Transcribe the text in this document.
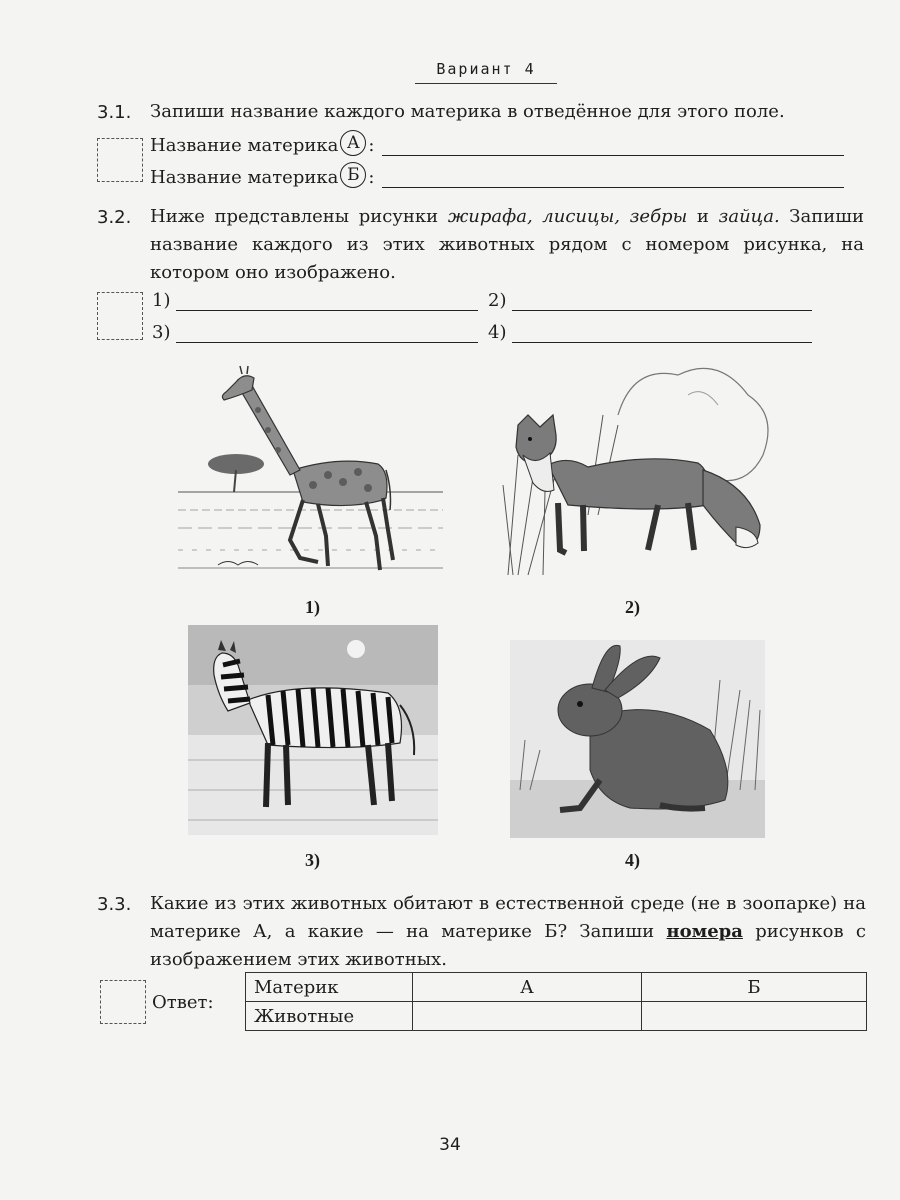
Вариант 4
3.1. Запиши название каждого материка в отведённое для этого поле.
Название материка А :
Название материка Б :
3.2. Ниже представлены рисунки жирафа, лисицы, зебры и зайца. Запиши название каждого из этих животных рядом с номером рисунка, на котором оно изображено.
1)	2)
3)	4)
1)	2)
3)	4)
3.3. Какие из этих животных обитают в естественной среде (не в зоопарке) на материке А, а какие — на материке Б? Запиши номера рисунков с изображением этих животных.
Ответ:
Материк	А	Б
Животные		
34
